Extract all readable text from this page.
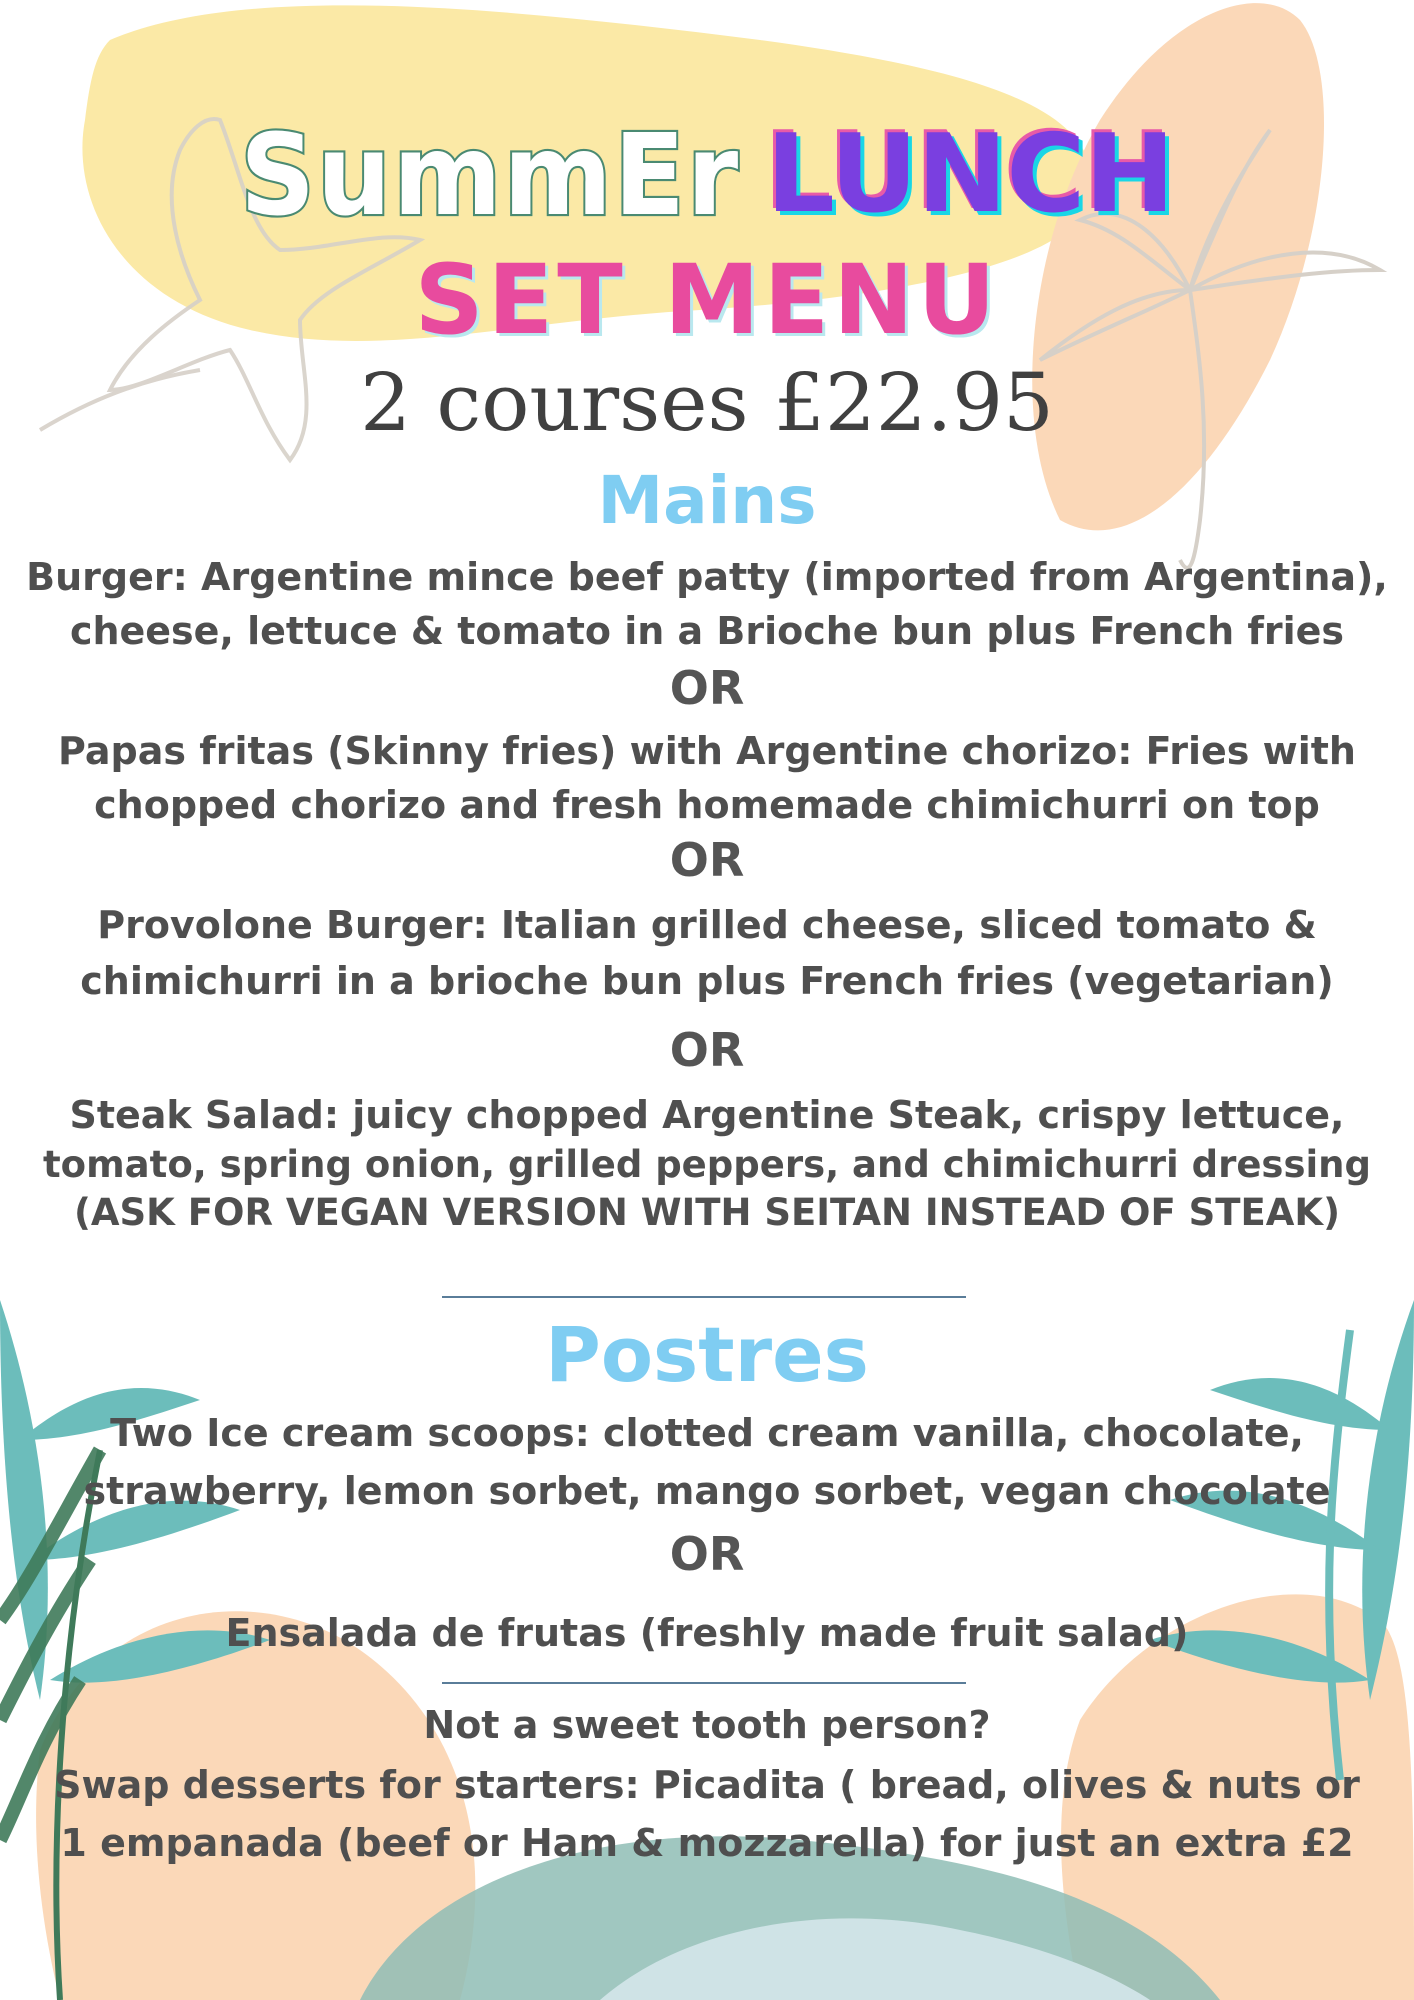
SummEr LUNCH
SET MENU
2 courses £22.95
Mains
Burger: Argentine mince beef patty (imported from Argentina),
cheese, lettuce & tomato in a Brioche bun plus French fries
OR
Papas fritas (Skinny fries) with Argentine chorizo: Fries with
chopped chorizo and fresh homemade chimichurri on top
OR
Provolone Burger: Italian grilled cheese, sliced tomato &
chimichurri in a brioche bun plus French fries (vegetarian)
OR
Steak Salad: juicy chopped Argentine Steak, crispy lettuce,
tomato, spring onion, grilled peppers, and chimichurri dressing
(ASK FOR VEGAN VERSION WITH SEITAN INSTEAD OF STEAK)
Postres
Two Ice cream scoops: clotted cream vanilla, chocolate,
strawberry, lemon sorbet, mango sorbet, vegan chocolate
OR
Ensalada de frutas (freshly made fruit salad)
Not a sweet tooth person?
Swap desserts for starters: Picadita ( bread, olives & nuts or
1 empanada (beef or Ham & mozzarella) for just an extra £2
